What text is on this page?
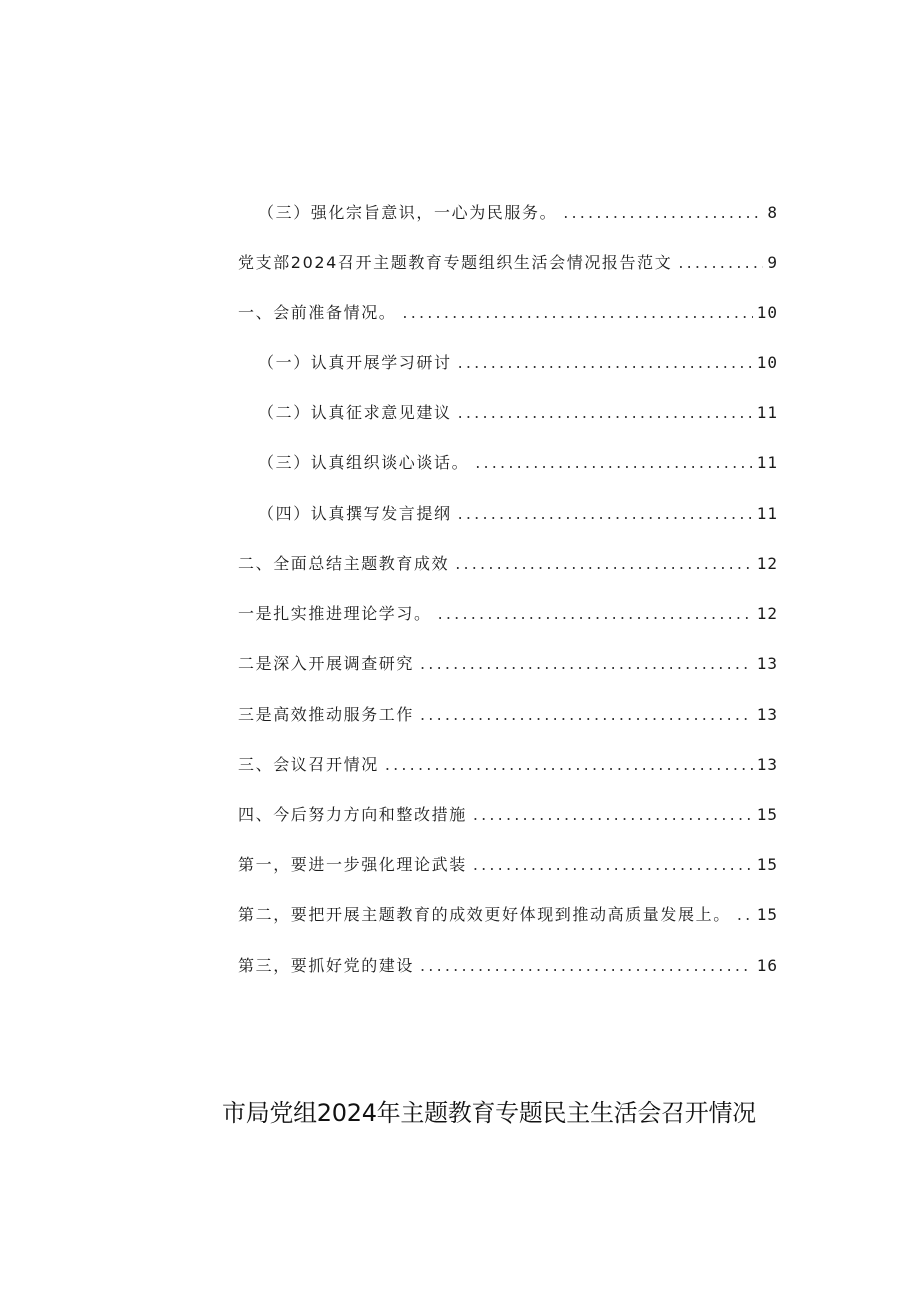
（三）强化宗旨意识，一心为民服务。 .....	8
党支部2024召开主题教育专题组织生活会情况报告范文 .....	9
一、会前准备情况。 .....	10
（一）认真开展学习研讨 .....	10
（二）认真征求意见建议 .....	11
（三）认真组织谈心谈话。 .....	11
（四）认真撰写发言提纲 .....	11
二、全面总结主题教育成效 .....	12
一是扎实推进理论学习。 .....	12
二是深入开展调查研究 .....	13
三是高效推动服务工作 .....	13
三、会议召开情况 .....	13
四、今后努力方向和整改措施 .....	15
第一，要进一步强化理论武装 .....	15
第二，要把开展主题教育的成效更好体现到推动高质量发展上。 ..... 15
第三，要抓好党的建设 .....	16
市局党组2024年主题教育专题民主生活会召开情况
